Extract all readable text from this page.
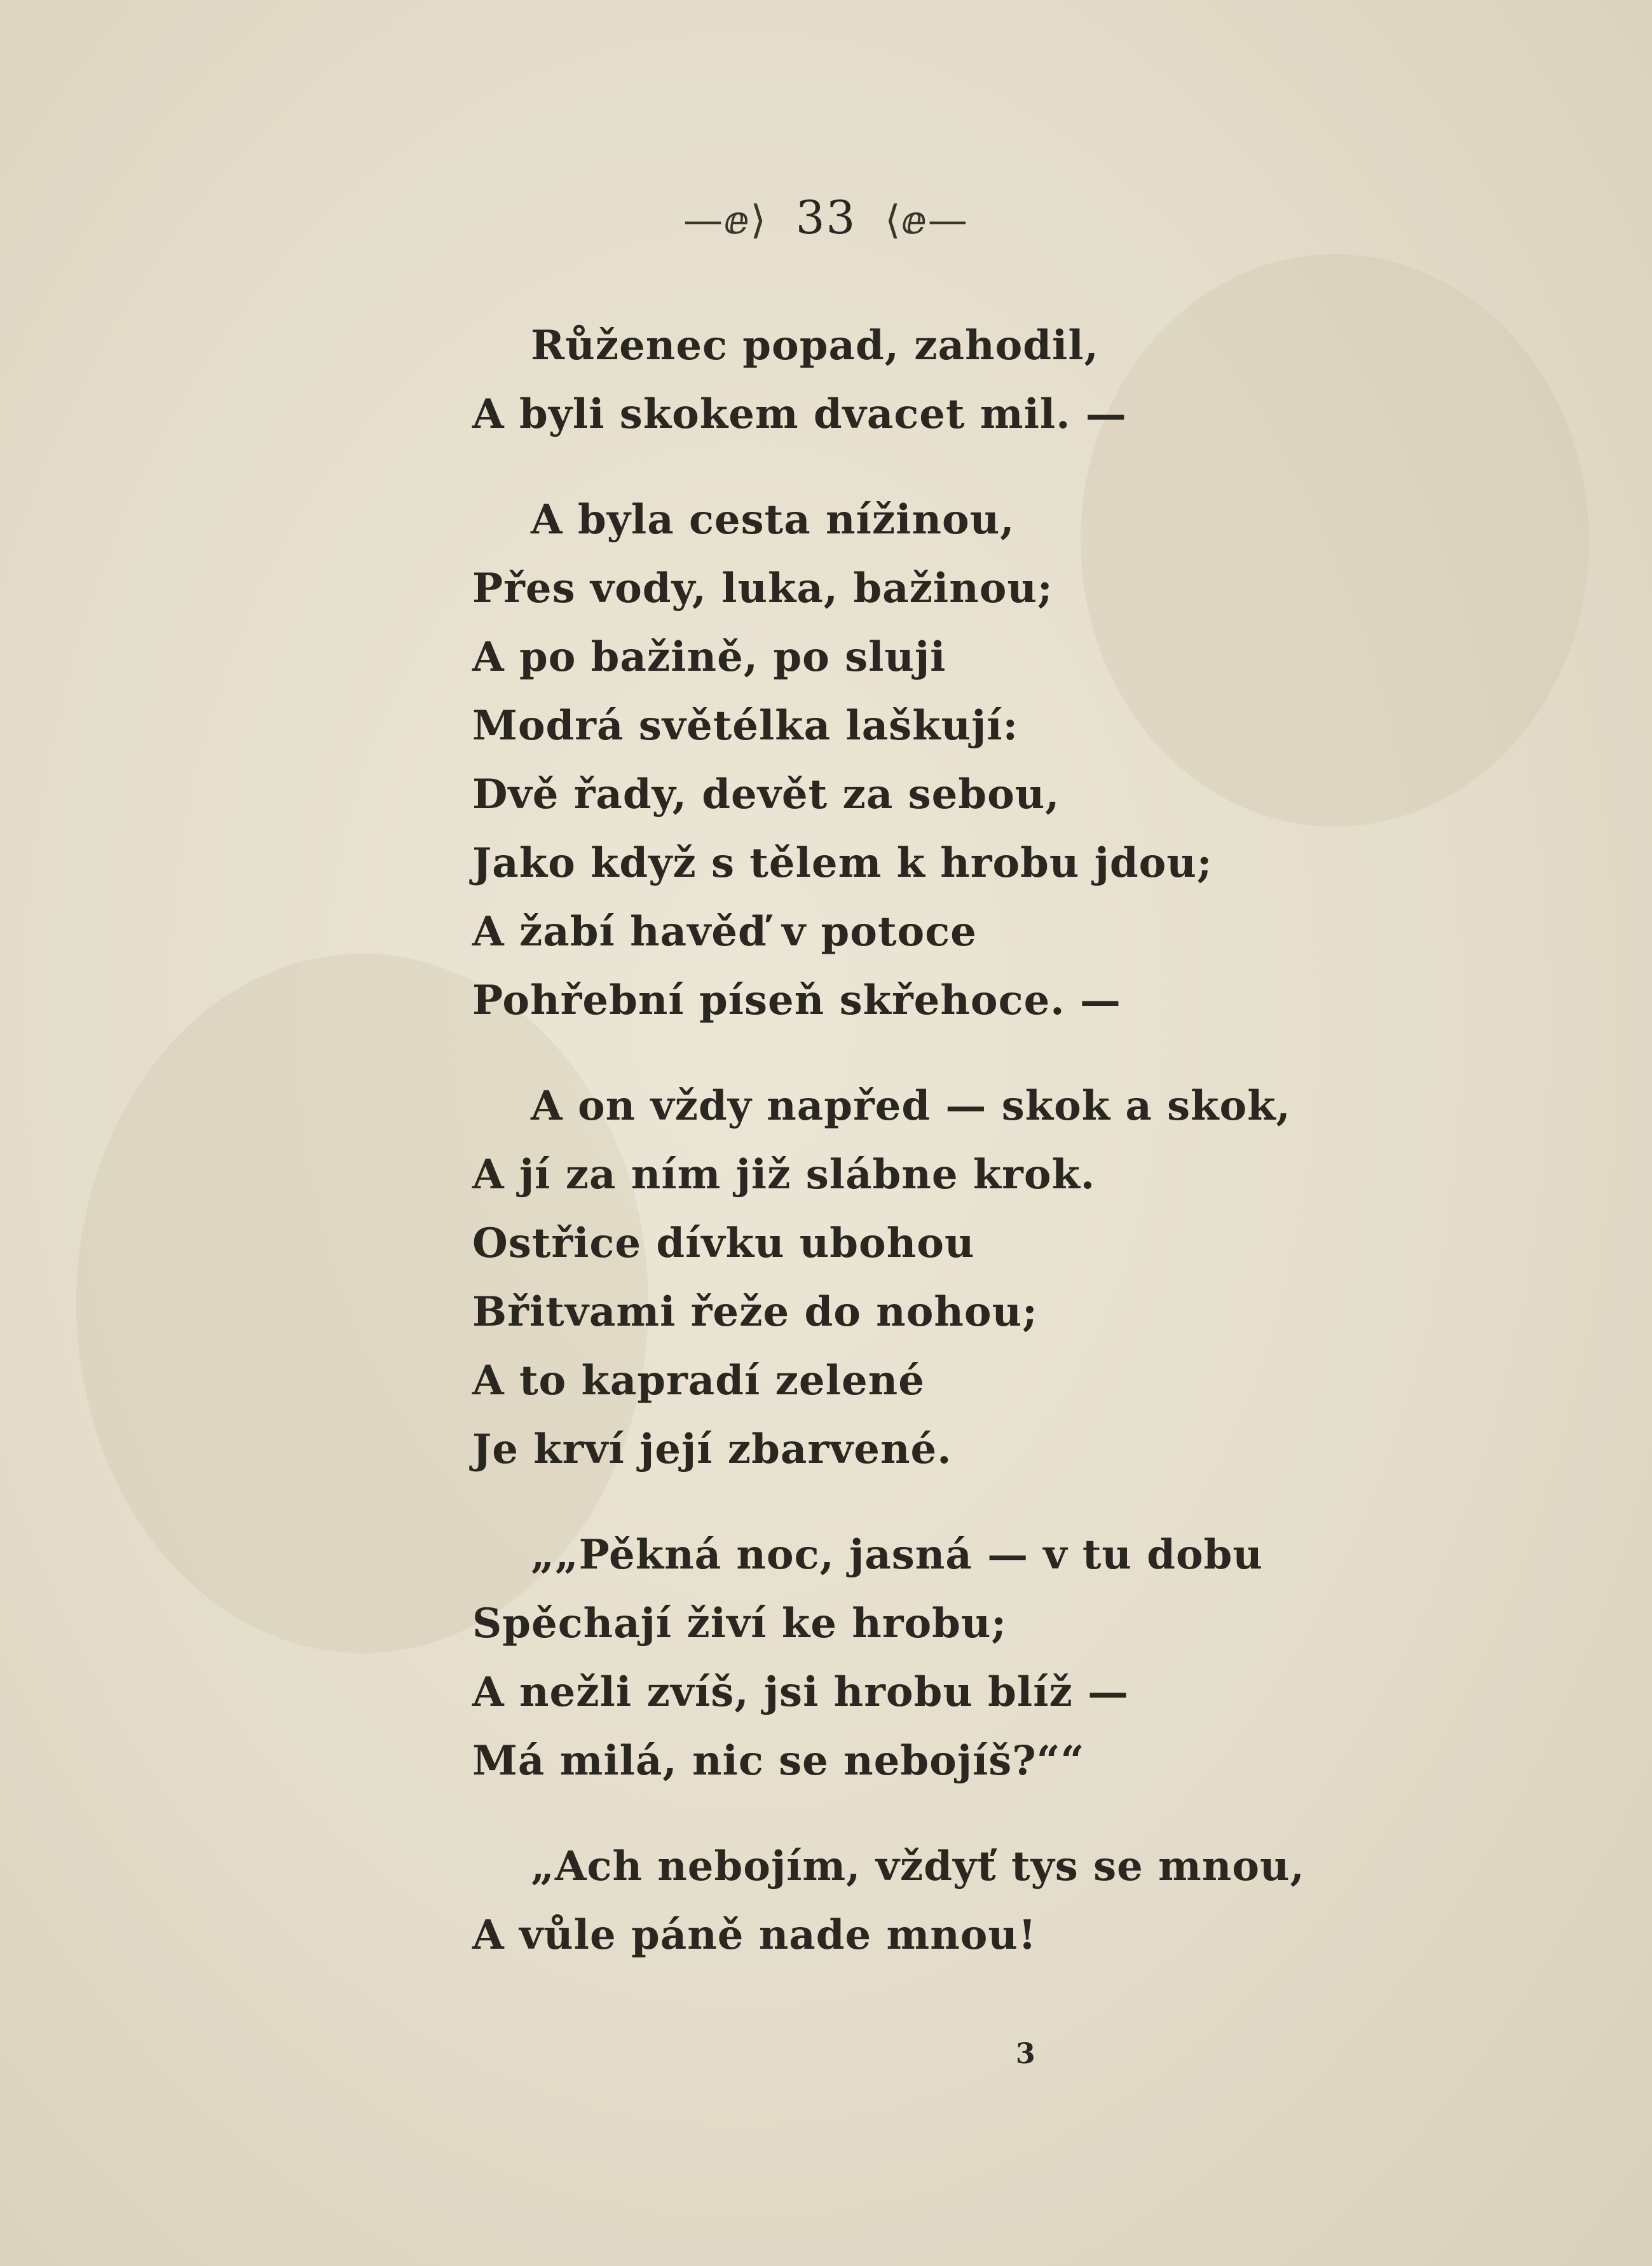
—ⅇ⟩ 33 ⟨ⅇ—
Růženec popad, zahodil,
A byli skokem dvacet mil. —
A byla cesta nížinou,
Přes vody, luka, bažinou;
A po bažině, po sluji
Modrá světélka laškují:
Dvě řady, devět za sebou,
Jako když s tělem k hrobu jdou;
A žabí havěď v potoce
Pohřební píseň skřehoce. —
A on vždy napřed — skok a skok,
A jí za ním již slábne krok.
Ostřice dívku ubohou
Břitvami řeže do nohou;
A to kapradí zelené
Je krví její zbarvené.
„„Pěkná noc, jasná — v tu dobu
Spěchají živí ke hrobu;
A nežli zvíš, jsi hrobu blíž —
Má milá, nic se nebojíš?““
„Ach nebojím, vždyť tys se mnou,
A vůle páně nade mnou!
3
